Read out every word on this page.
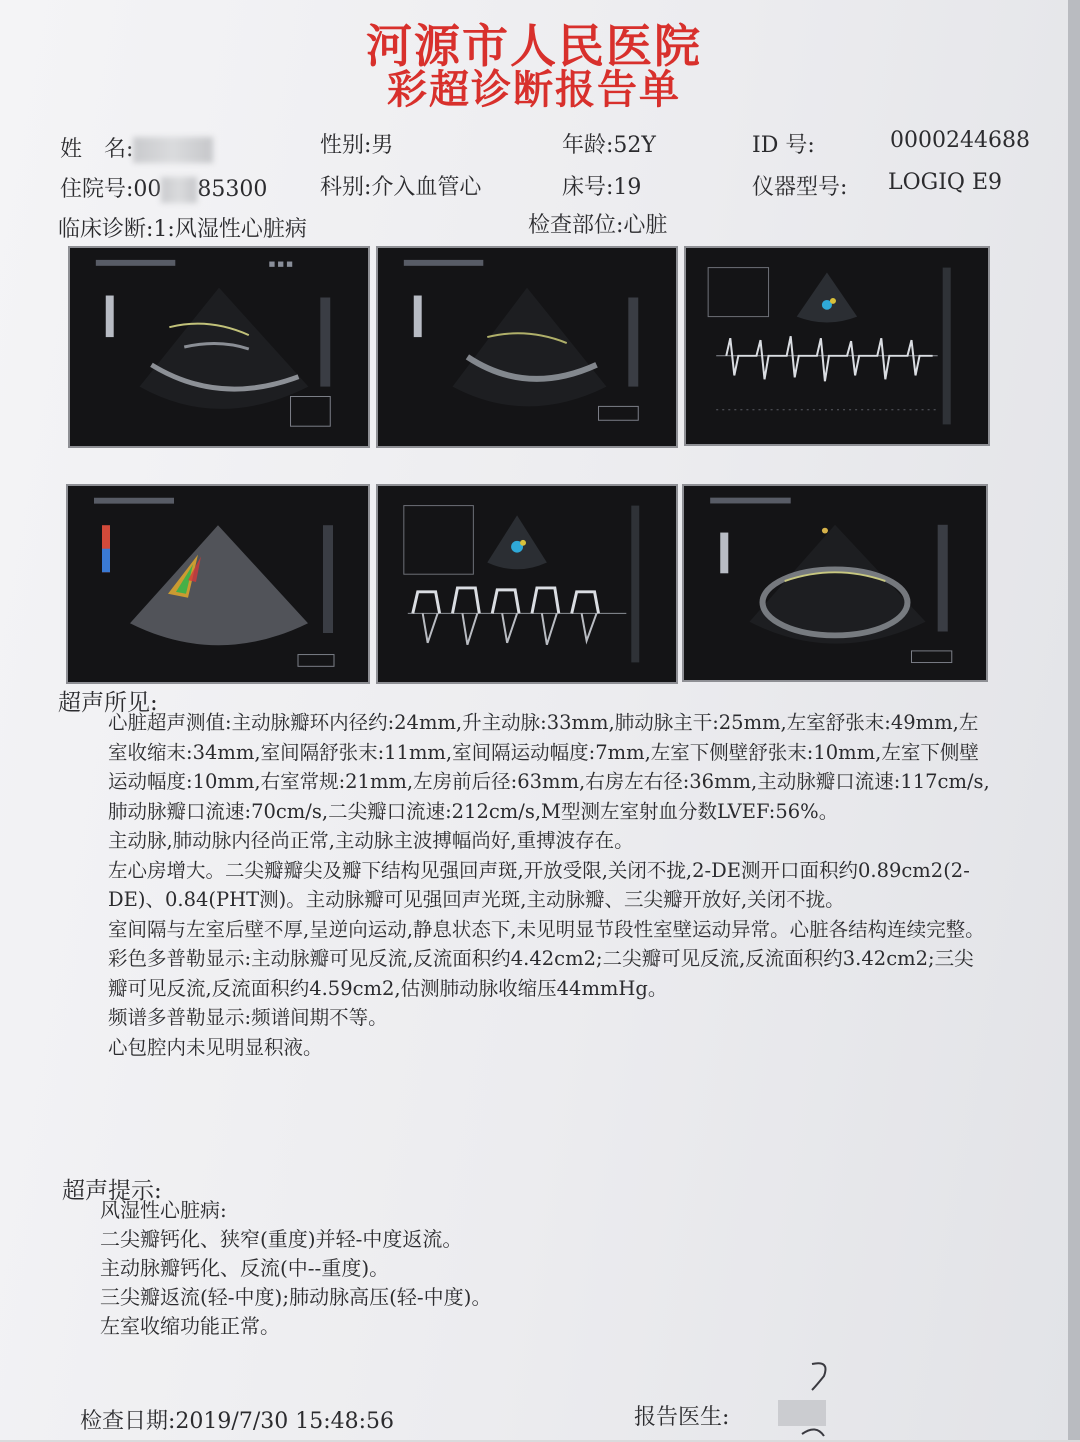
河源市人民医院
彩超诊断报告单
姓　名:	性别:男	年龄:52Y	ID 号:	0000244688
住院号:00 85300 科别:介入血管心	床号:19	仪器型号: LOGIQ E9
临床诊断:1:风湿性心脏病	检查部位:心脏
■ ■ ■
超声所见:

心脏超声测值:主动脉瓣环内径约:24mm,升主动脉:33mm,肺动脉主干:25mm,左室舒张末:49mm,左室收缩末:34mm,室间隔舒张末:11mm,室间隔运动幅度:7mm,左室下侧壁舒张末:10mm,左室下侧壁运动幅度:10mm,右室常规:21mm,左房前后径:63mm,右房左右径:36mm,主动脉瓣口流速:117cm/s,肺动脉瓣口流速:70cm/s,二尖瓣口流速:212cm/s,M型测左室射血分数LVEF:56%。

主动脉,肺动脉内径尚正常,主动脉主波搏幅尚好,重搏波存在。

左心房增大。二尖瓣瓣尖及瓣下结构见强回声斑,开放受限,关闭不拢,2-DE测开口面积约0.89cm2(2-DE)、0.84(PHT测)。主动脉瓣可见强回声光斑,主动脉瓣、三尖瓣开放好,关闭不拢。

室间隔与左室后壁不厚,呈逆向运动,静息状态下,未见明显节段性室壁运动异常。心脏各结构连续完整。

彩色多普勒显示:主动脉瓣可见反流,反流面积约4.42cm2;二尖瓣可见反流,反流面积约3.42cm2;三尖瓣可见反流,反流面积约4.59cm2,估测肺动脉收缩压44mmHg。

频谱多普勒显示:频谱间期不等。

心包腔内未见明显积液。

超声提示:

风湿性心脏病:

二尖瓣钙化、狭窄(重度)并轻-中度返流。

主动脉瓣钙化、反流(中--重度)。

三尖瓣返流(轻-中度);肺动脉高压(轻-中度)。

左室收缩功能正常。

检查日期:2019/7/30 15:48:56	报告医生:
